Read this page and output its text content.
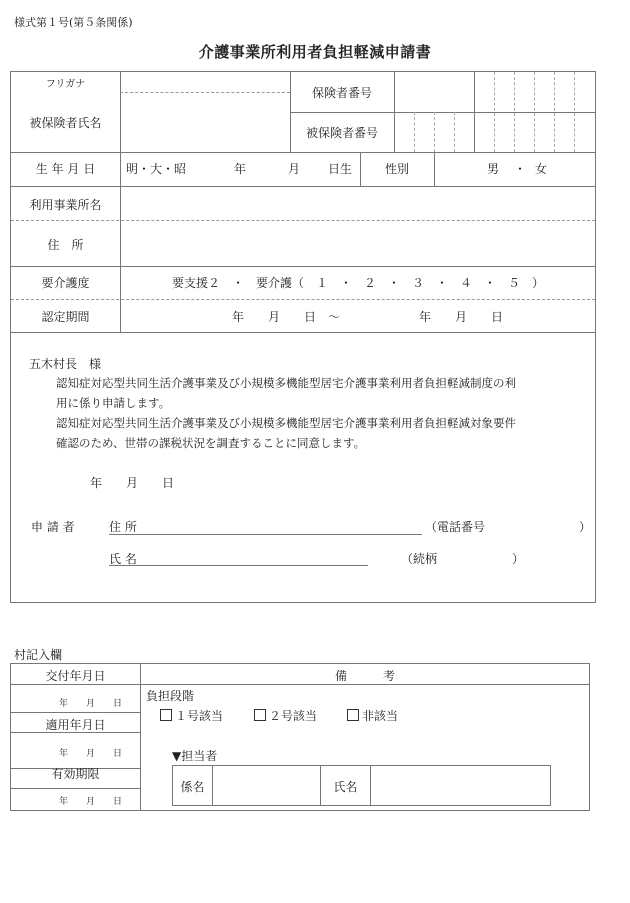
様式第１号(第５条関係)
介護事業所利用者負担軽減申請書
フリガナ
被保険者氏名
保険者番号
被保険者番号
生 年 月 日	明・大・昭	年	月 日生	性別	男 ・ 女
利用事業所名
住　所
要介護度	要支援２　・　要介護（　１　・　２　・　３　・　４　・　５　）
認定期間	年　　月　　日　～	年　　月　　日
五木村長　様
認知症対応型共同生活介護事業及び小規模多機能型居宅介護事業利用者負担軽減制度の利
用に係り申請します。
認知症対応型共同生活介護事業及び小規模多機能型居宅介護事業利用者負担軽減対象要件
確認のため、世帯の課税状況を調査することに同意します。
年　　月　　日
申 請 者	住 所	（電話番号	）
氏 名	（続柄	）
村記入欄
交付年月日	備　　　考
年　　月　　日
適用年月日
年　　月　　日
有効期限
年　　月　　日
負担段階
１号該当	２号該当	非該当
▼担当者
係名	氏名
